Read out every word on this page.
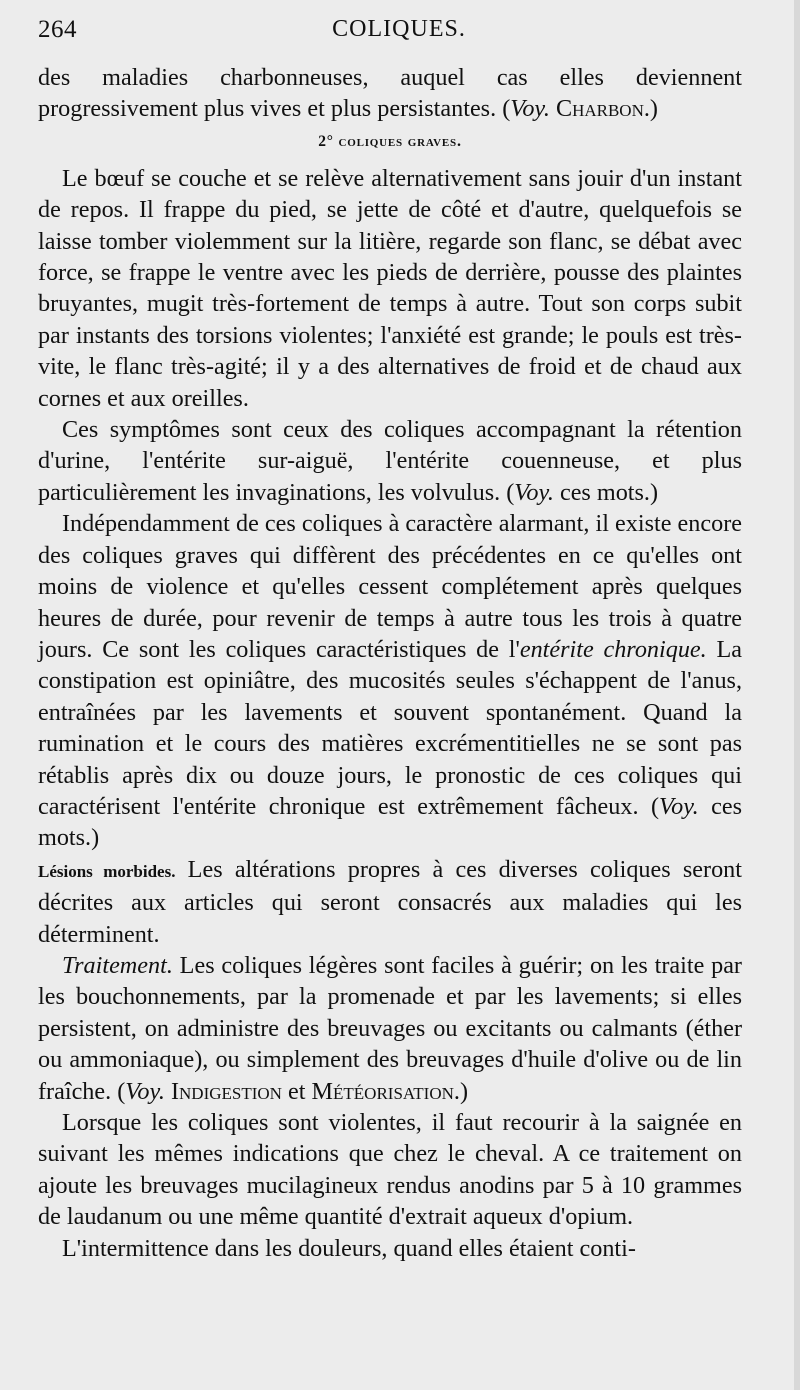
264	COLIQUES.

des maladies charbonneuses, auquel cas elles deviennent progressivement plus vives et plus persistantes. (Voy. Charbon.)

2° coliques graves.

Le bœuf se couche et se relève alternativement sans jouir d'un instant de repos. Il frappe du pied, se jette de côté et d'autre, quelquefois se laisse tomber violemment sur la litière, regarde son flanc, se débat avec force, se frappe le ventre avec les pieds de derrière, pousse des plaintes bruyantes, mugit très-fortement de temps à autre. Tout son corps subit par instants des torsions violentes; l'anxiété est grande; le pouls est très-vite, le flanc très-agité; il y a des alternatives de froid et de chaud aux cornes et aux oreilles.

Ces symptômes sont ceux des coliques accompagnant la rétention d'urine, l'entérite sur-aiguë, l'entérite couenneuse, et plus particulièrement les invaginations, les volvulus. (Voy. ces mots.)

Indépendamment de ces coliques à caractère alarmant, il existe encore des coliques graves qui diffèrent des précédentes en ce qu'elles ont moins de violence et qu'elles cessent complétement après quelques heures de durée, pour revenir de temps à autre tous les trois à quatre jours. Ce sont les coliques caractéristiques de l'entérite chronique. La constipation est opiniâtre, des mucosités seules s'échappent de l'anus, entraînées par les lavements et souvent spontanément. Quand la rumination et le cours des matières excrémentitielles ne se sont pas rétablis après dix ou douze jours, le pronostic de ces coliques qui caractérisent l'entérite chronique est extrêmement fâcheux. (Voy. ces mots.)

Lésions morbides. Les altérations propres à ces diverses coliques seront décrites aux articles qui seront consacrés aux maladies qui les déterminent.

Traitement. Les coliques légères sont faciles à guérir; on les traite par les bouchonnements, par la promenade et par les lavements; si elles persistent, on administre des breuvages ou excitants ou calmants (éther ou ammoniaque), ou simplement des breuvages d'huile d'olive ou de lin fraîche. (Voy. Indigestion et Météorisation.)

Lorsque les coliques sont violentes, il faut recourir à la saignée en suivant les mêmes indications que chez le cheval. A ce traitement on ajoute les breuvages mucilagineux rendus anodins par 5 à 10 grammes de laudanum ou une même quantité d'extrait aqueux d'opium.

L'intermittence dans les douleurs, quand elles étaient conti-
